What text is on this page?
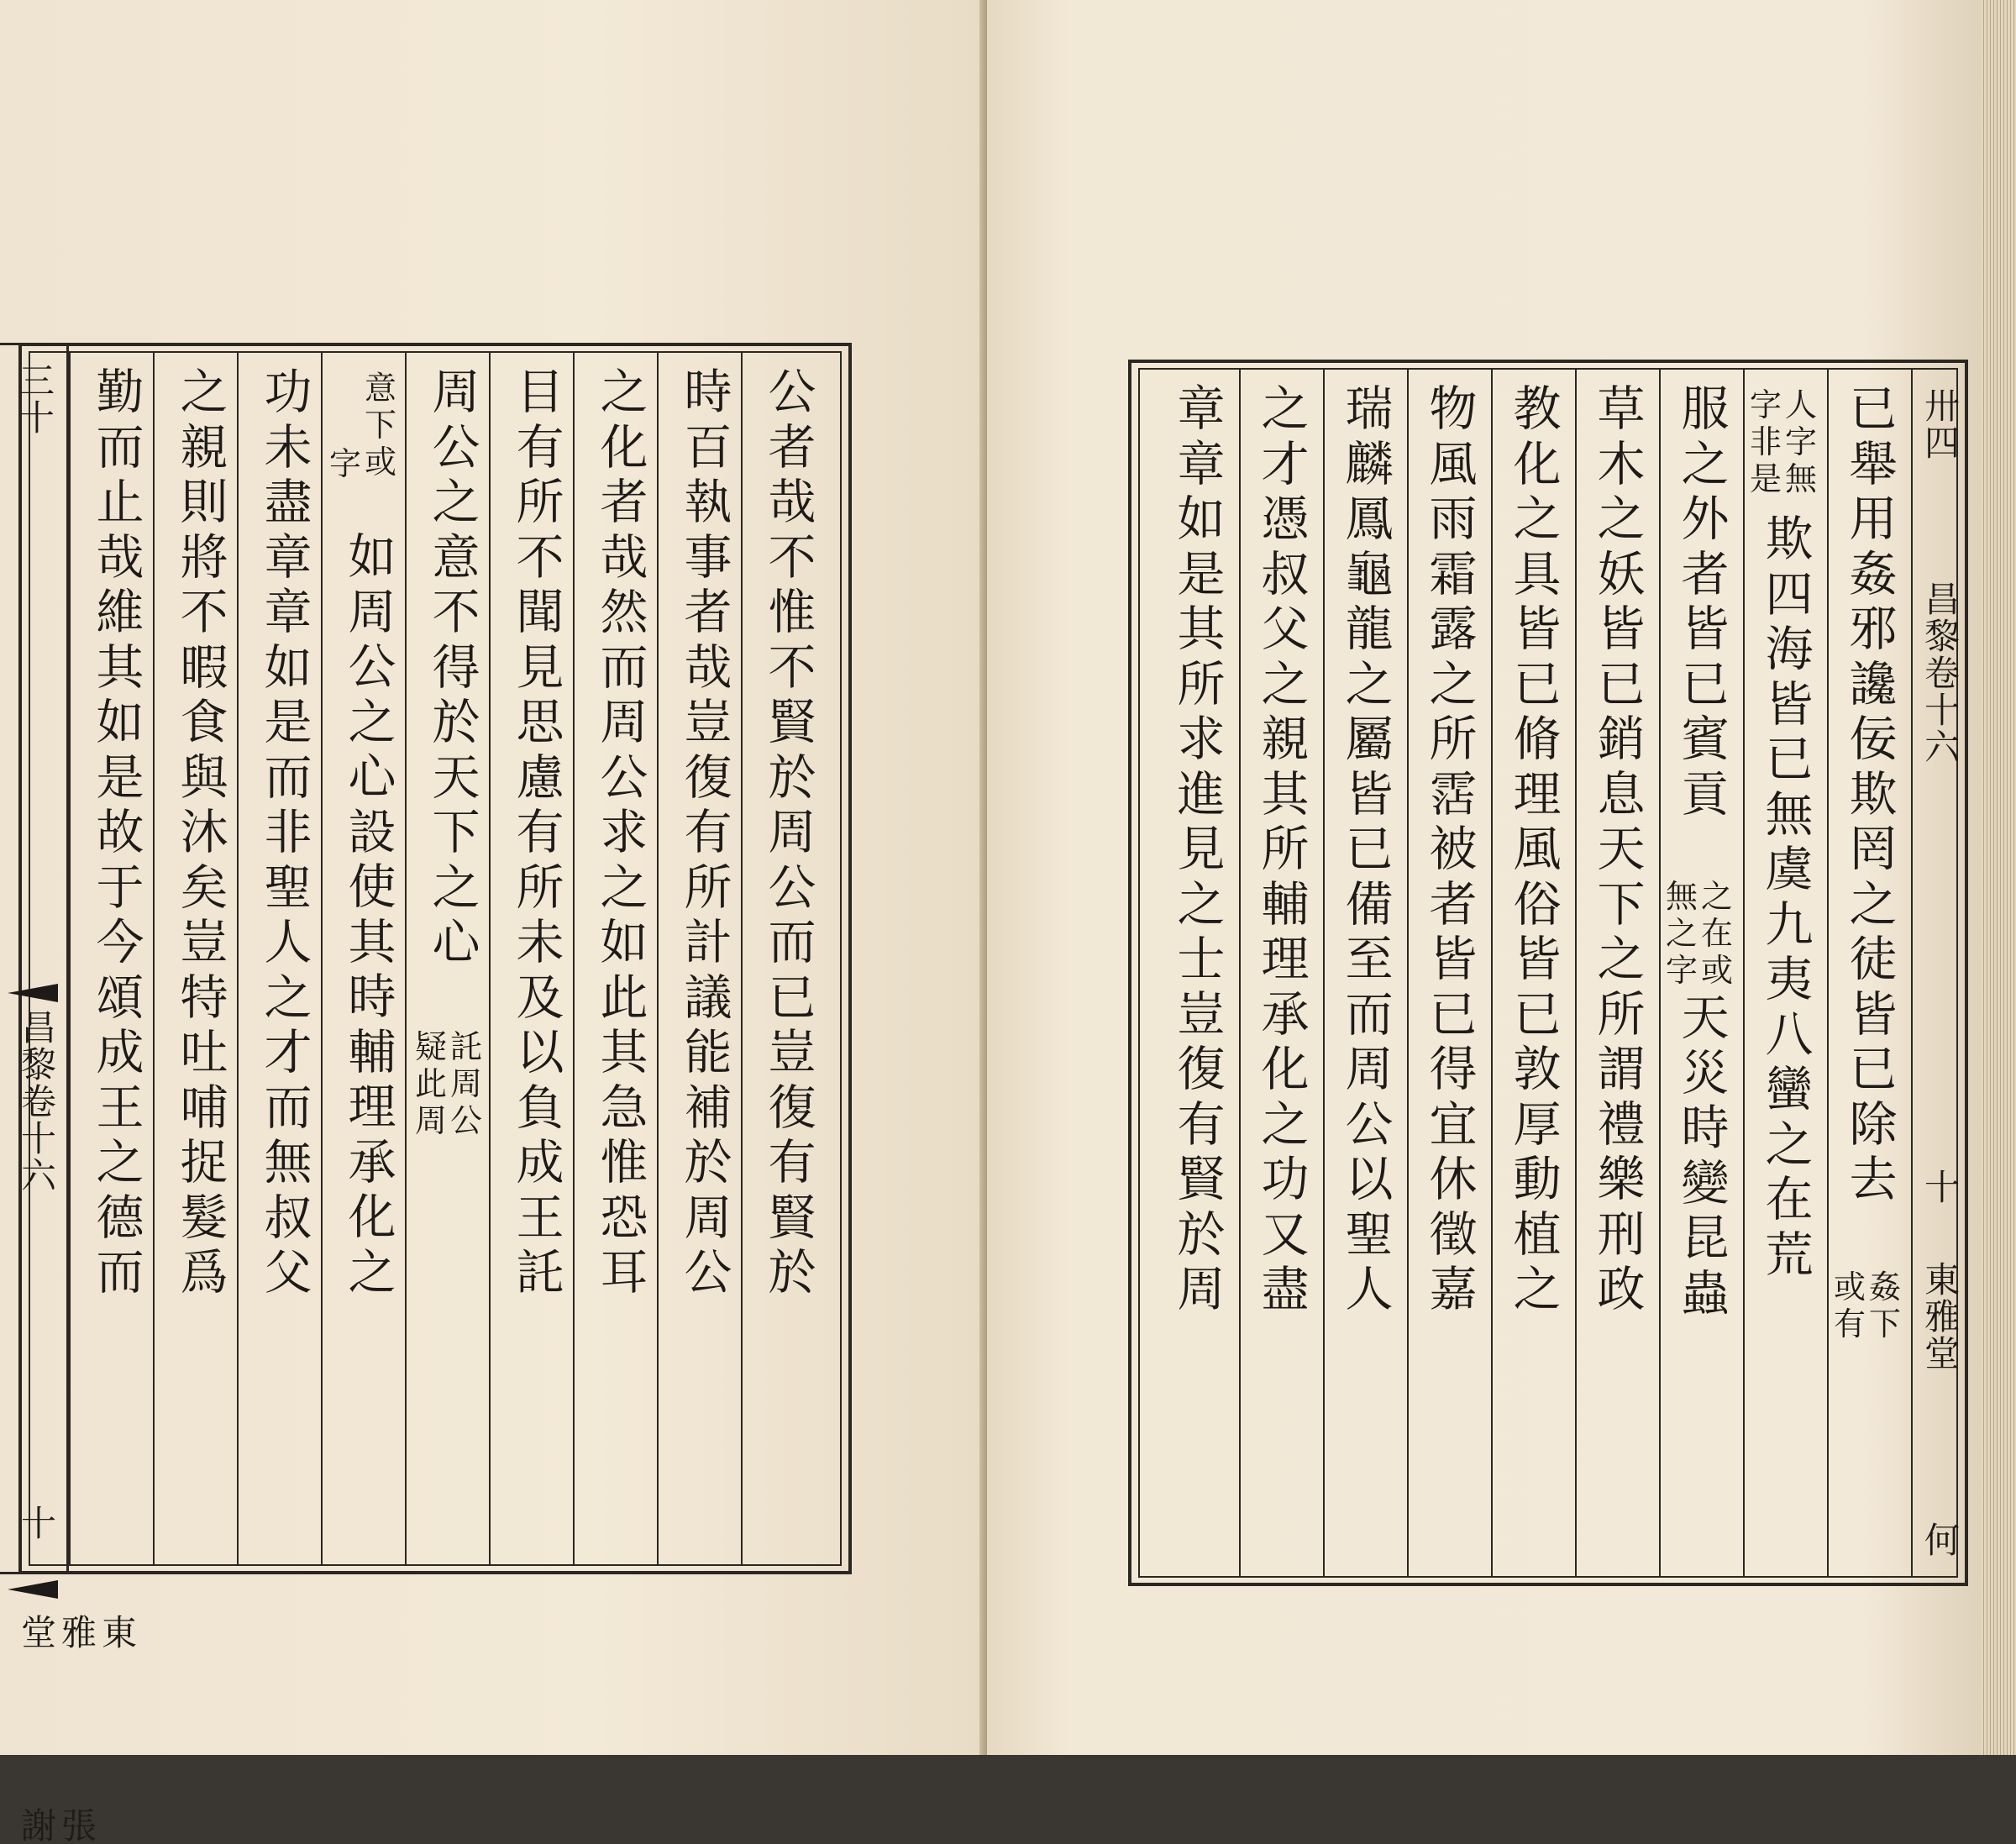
三十
昌黎卷十六
十
東雅堂
張謝
公
者
哉
不
惟
不
賢
於
周
公
而
已
豈
復
有
賢
於
時
百
執
事
者
哉
豈
復
有
所
計
議
能
補
於
周
公
之
化
者
哉
然
而
周
公
求
之
如
此
其
急
惟
恐
耳
目
有
所
不
聞
見
思
慮
有
所
未
及
以
負
成
王
託
周
公
之
意
不
得
於
天
下
之
心
託
周
公
疑
此
周
意
下
或
字
如
周
公
之
心
設
使
其
時
輔
理
承
化
之
功
未
盡
章
章
如
是
而
非
聖
人
之
才
而
無
叔
父
之
親
則
將
不
暇
食
與
沐
矣
豈
特
吐
哺
捉
髮
爲
勤
而
止
哉
維
其
如
是
故
于
今
頌
成
王
之
德
而
卅四
昌黎卷十六
十
東雅堂
何
已
舉
用
姦
邪
讒
佞
欺
罔
之
徒
皆
已
除
去
姦
下
或
有
人
字
無
字
非
是
欺
四
海
皆
已
無
虞
九
夷
八
蠻
之
在
荒
服
之
外
者
皆
已
賓
貢
之
在
或
無
之
字
天
災
時
變
昆
蟲
草
木
之
妖
皆
已
銷
息
天
下
之
所
謂
禮
樂
刑
政
教
化
之
具
皆
已
脩
理
風
俗
皆
已
敦
厚
動
植
之
物
風
雨
霜
露
之
所
霑
被
者
皆
已
得
宜
休
徵
嘉
瑞
麟
鳳
龜
龍
之
屬
皆
已
備
至
而
周
公
以
聖
人
之
才
憑
叔
父
之
親
其
所
輔
理
承
化
之
功
又
盡
章
章
如
是
其
所
求
進
見
之
士
豈
復
有
賢
於
周
